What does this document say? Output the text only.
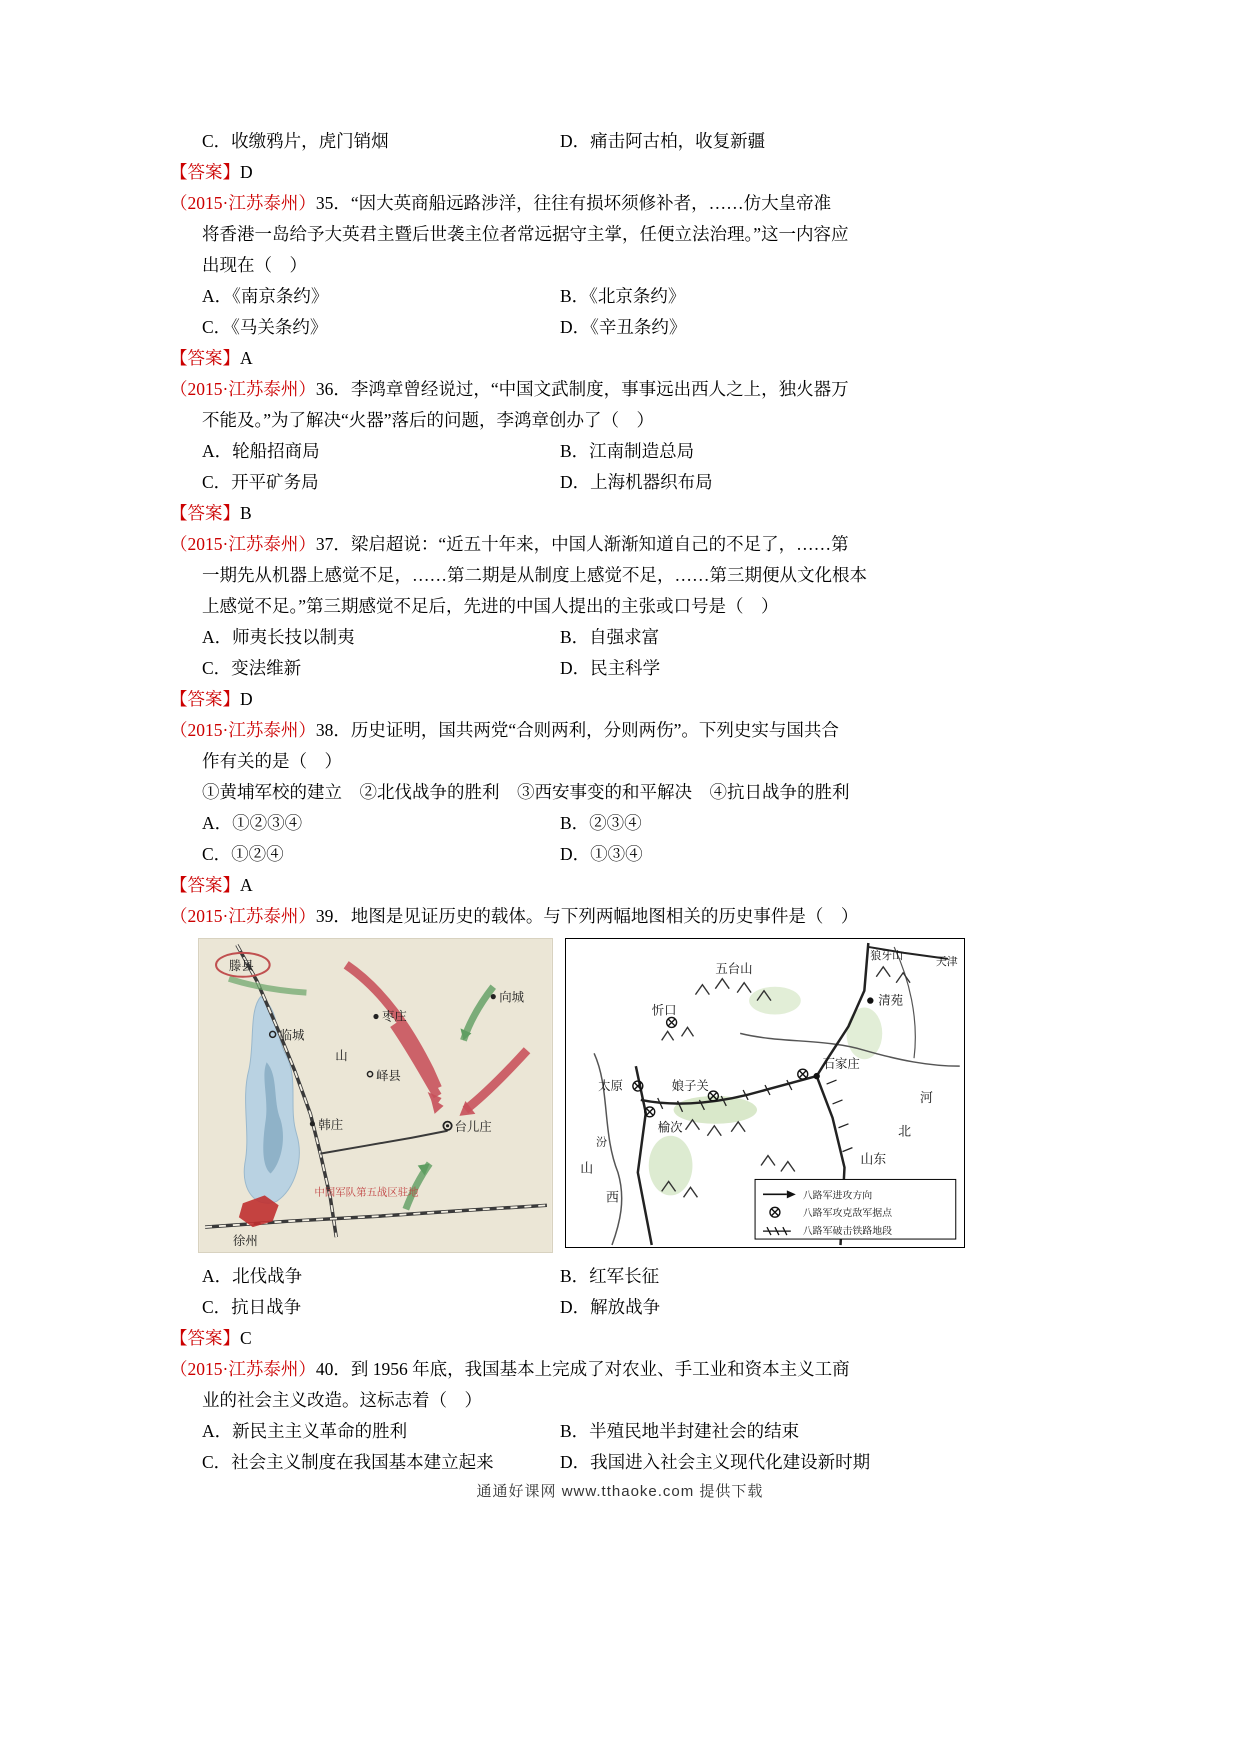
C．收缴鸦片，虎门销烟	D．痛击阿古柏，收复新疆
【答案】D
（2015·江苏泰州）35．“因大英商船远路涉洋，往往有损坏须修补者，……仿大皇帝准
将香港一岛给予大英君主暨后世袭主位者常远据守主掌，任便立法治理。”这一内容应
出现在（　）
A．《南京条约》	B．《北京条约》
C．《马关条约》	D．《辛丑条约》
【答案】A
（2015·江苏泰州）36．李鸿章曾经说过，“中国文武制度，事事远出西人之上，独火器万
不能及。”为了解决“火器”落后的问题，李鸿章创办了（　）
A．轮船招商局	B．江南制造总局
C．开平矿务局	D．上海机器织布局
【答案】B
（2015·江苏泰州）37．梁启超说：“近五十年来，中国人渐渐知道自己的不足了，……第
一期先从机器上感觉不足，……第二期是从制度上感觉不足，……第三期便从文化根本
上感觉不足。”第三期感觉不足后，先进的中国人提出的主张或口号是（　）
A．师夷长技以制夷	B．自强求富
C．变法维新	D．民主科学
【答案】D
（2015·江苏泰州）38．历史证明，国共两党“合则两利，分则两伤”。下列史实与国共合
作有关的是（　）
①黄埔军校的建立　②北伐战争的胜利　③西安事变的和平解决　④抗日战争的胜利
A．①②③④	B．②③④
C．①②④	D．①③④
【答案】A
（2015·江苏泰州）39．地图是见证历史的载体。与下列两幅地图相关的历史事件是（　）
滕县
临城
枣庄
山
峄县
韩庄	台儿庄
向城
徐州
中国军队第五战区驻地
五台山
狼牙山	天津
忻口
清苑
太原
榆次
娘子关
石家庄
汾
山
西
河
北
山东
八路军进攻方向
八路军攻克敌军据点
八路军破击铁路地段
A．北伐战争	B．红军长征
C．抗日战争	D．解放战争
【答案】C
（2015·江苏泰州）40．到 1956 年底，我国基本上完成了对农业、手工业和资本主义工商
业的社会主义改造。这标志着（　）
A．新民主主义革命的胜利	B．半殖民地半封建社会的结束
C．社会主义制度在我国基本建立起来	D．我国进入社会主义现代化建设新时期
通通好课网 www.tthaoke.com 提供下载
